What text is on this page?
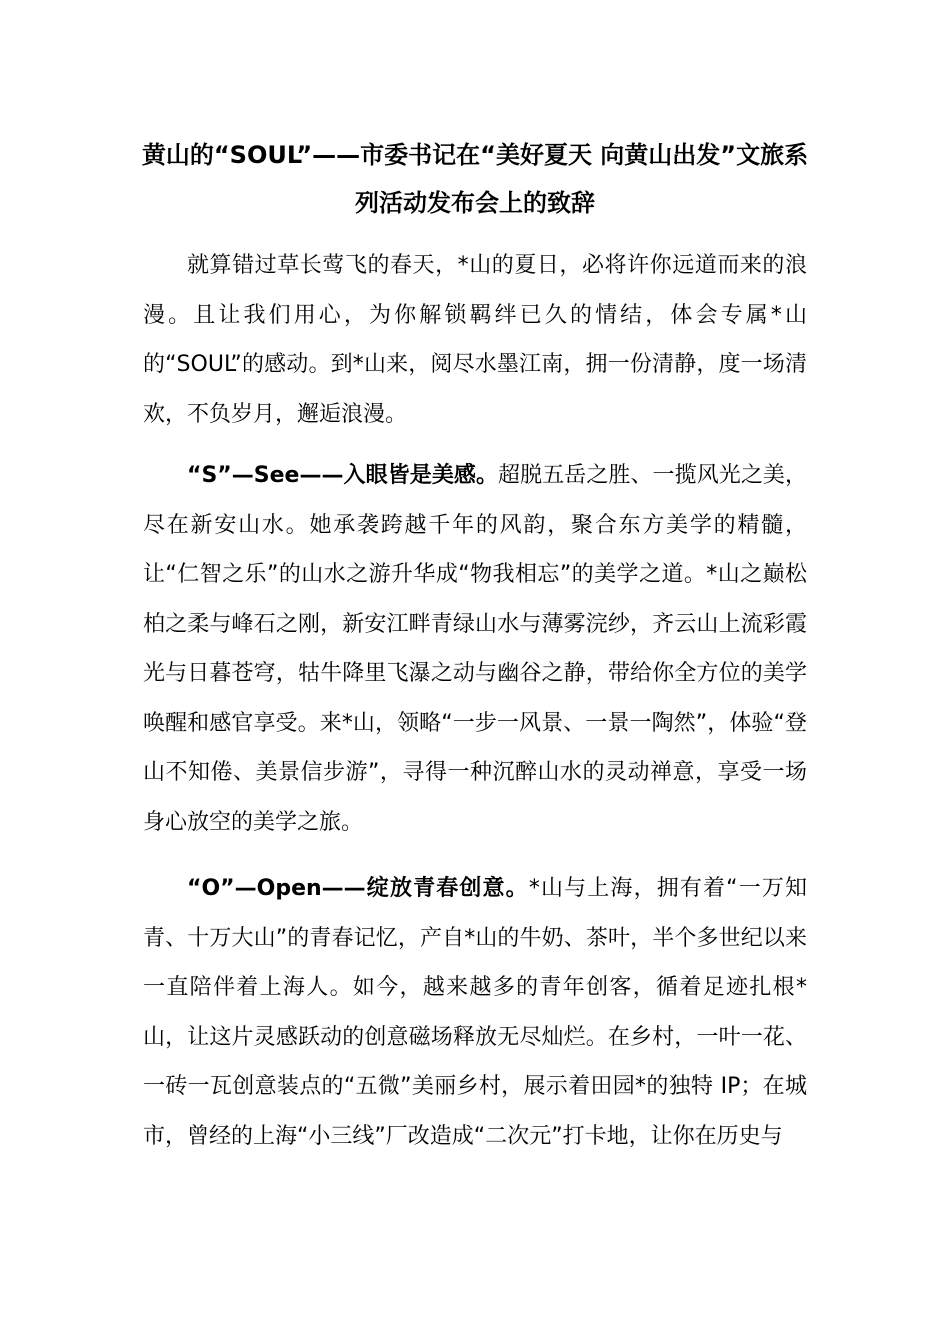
黄山的“SOUL”——市委书记在“美好夏天 向黄山出发”文旅系列活动发布会上的致辞

就算错过草长莺飞的春天，*山的夏日，必将许你远道而来的浪漫。且让我们用心，为你解锁羁绊已久的情结，体会专属*山的“SOUL”的感动。到*山来，阅尽水墨江南，拥一份清静，度一场清欢，不负岁月，邂逅浪漫。

“S”—See——入眼皆是美感。超脱五岳之胜、一揽风光之美，尽在新安山水。她承袭跨越千年的风韵，聚合东方美学的精髓，让“仁智之乐”的山水之游升华成“物我相忘”的美学之道。*山之巅松柏之柔与峰石之刚，新安江畔青绿山水与薄雾浣纱，齐云山上流彩霞光与日暮苍穹，牯牛降里飞瀑之动与幽谷之静，带给你全方位的美学唤醒和感官享受。来*山，领略“一步一风景、一景一陶然”，体验“登山不知倦、美景信步游”，寻得一种沉醉山水的灵动禅意，享受一场身心放空的美学之旅。

“O”—Open——绽放青春创意。*山与上海，拥有着“一万知青、十万大山”的青春记忆，产自*山的牛奶、茶叶，半个多世纪以来一直陪伴着上海人。如今，越来越多的青年创客，循着足迹扎根*山，让这片灵感跃动的创意磁场释放无尽灿烂。在乡村，一叶一花、一砖一瓦创意装点的“五微”美丽乡村，展示着田园*的独特 IP；在城市，曾经的上海“小三线”厂改造成“二次元”打卡地，让你在历史与
